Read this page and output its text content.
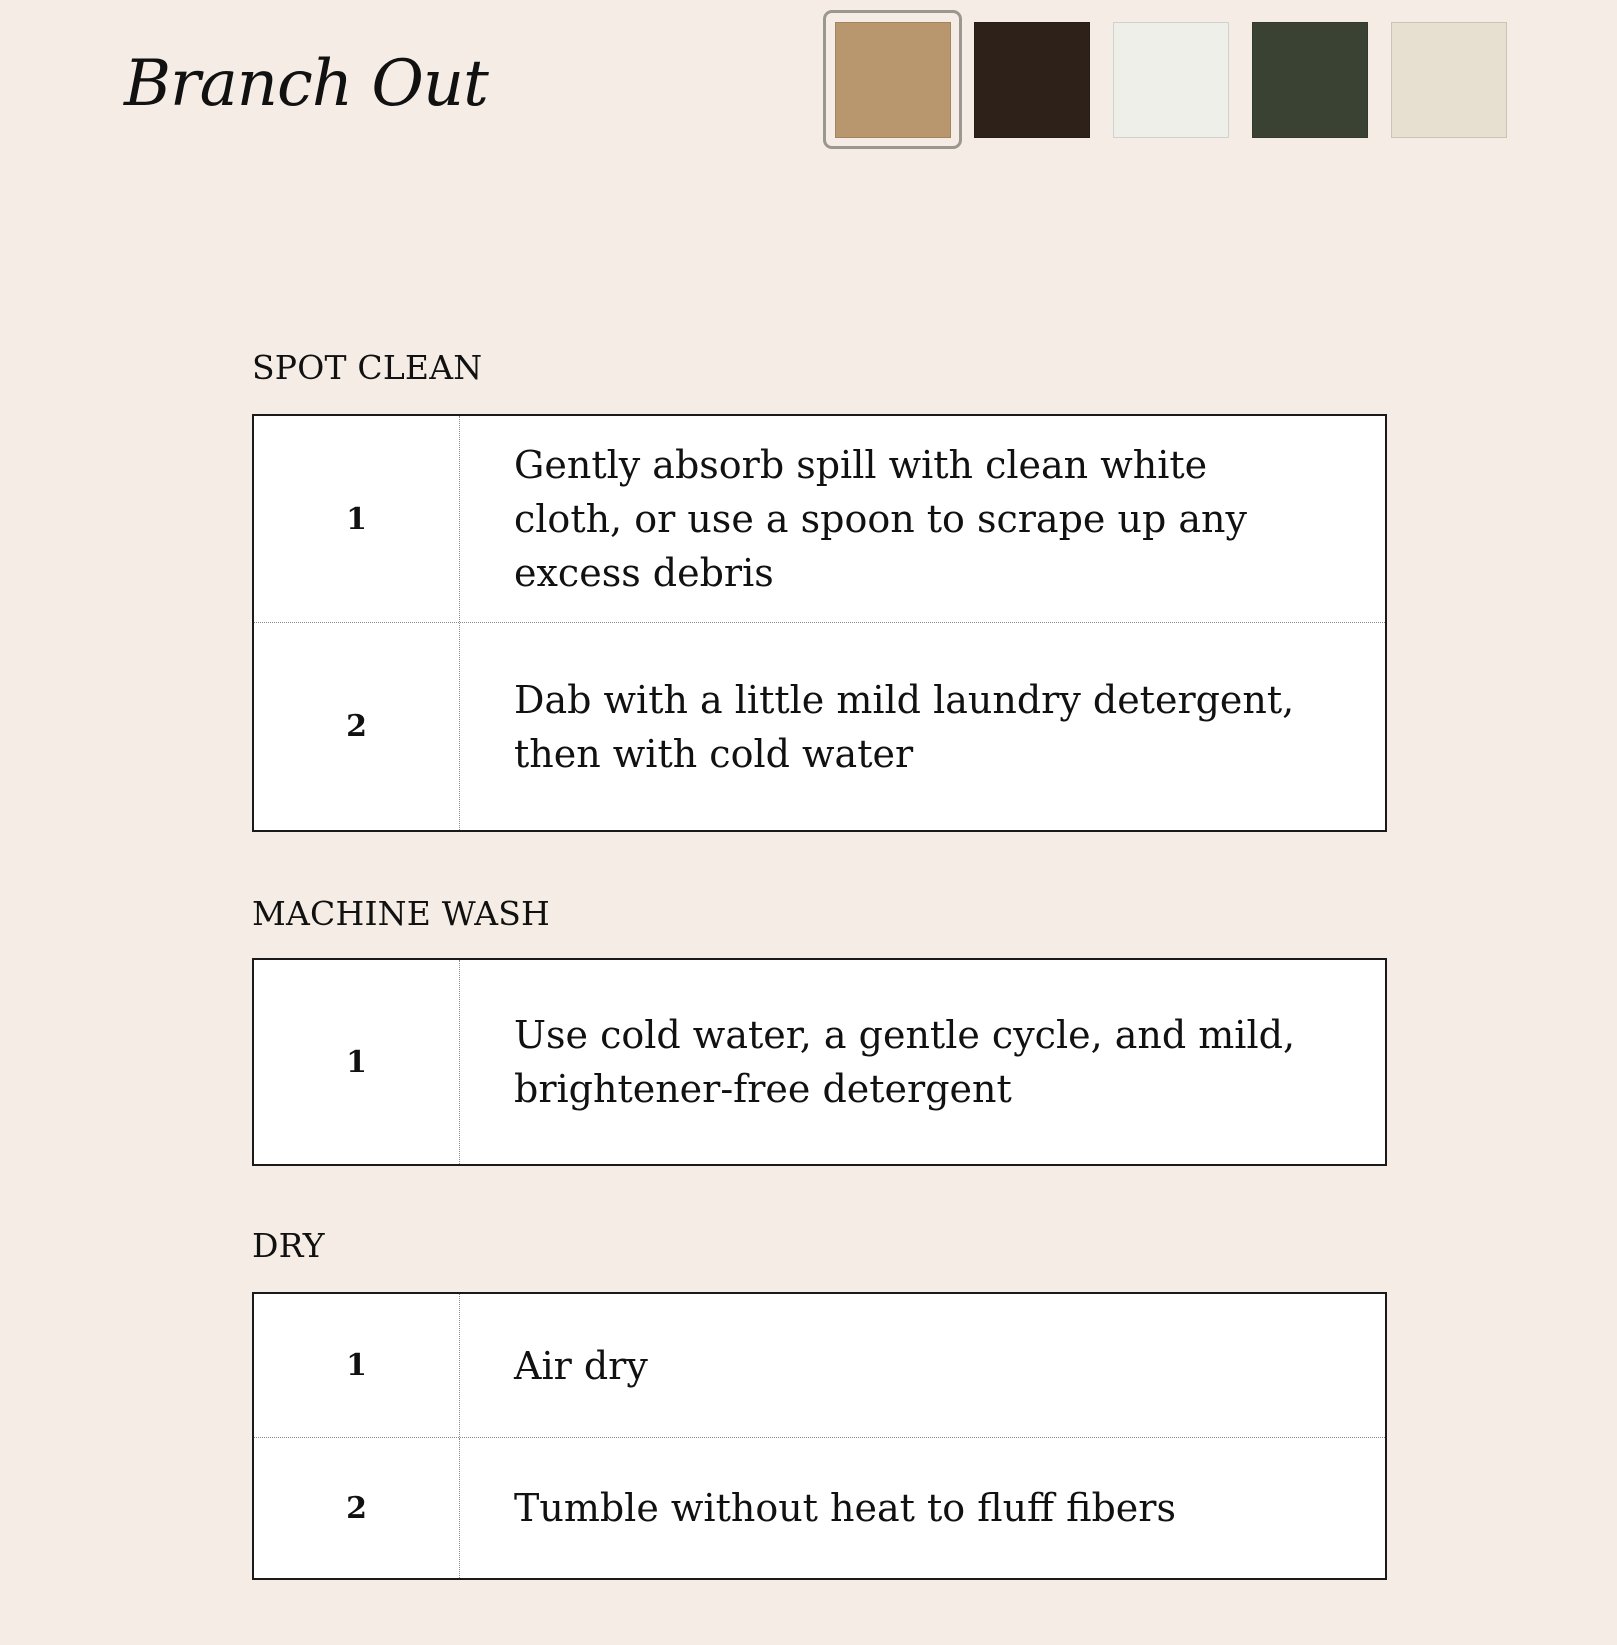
Branch Out
SPOT CLEAN
1
Gently absorb spill with clean white cloth, or use a spoon to scrape up any excess debris
2
Dab with a little mild laundry detergent, then with cold water
MACHINE WASH
1
Use cold water, a gentle cycle, and mild, brightener-free detergent
DRY
1	Air dry
2	Tumble without heat to fluff fibers
